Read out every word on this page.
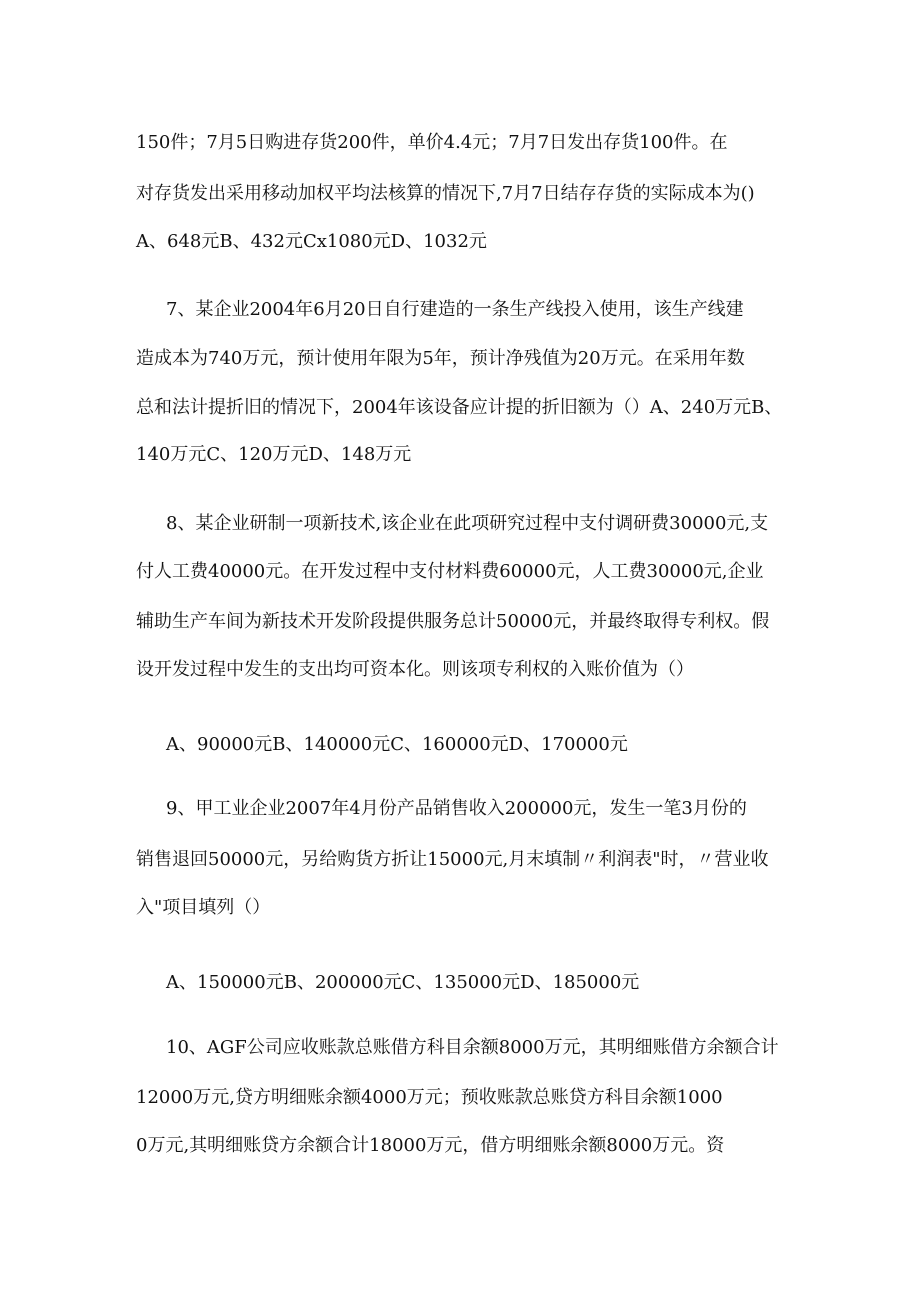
150件；7月5日购进存货200件，单价4.4元；7月7日发出存货100件。在
对存货发出采用移动加权平均法核算的情况下,7月7日结存存货的实际成本为()
A、648元B、432元Cx1080元D、1032元
7、某企业2004年6月20日自行建造的一条生产线投入使用，该生产线建
造成本为740万元，预计使用年限为5年，预计净残值为20万元。在采用年数
总和法计提折旧的情况下，2004年该设备应计提的折旧额为（）A、240万元B、
140万元C、120万元D、148万元
8、某企业研制一项新技术,该企业在此项研究过程中支付调研费30000元,支
付人工费40000元。在开发过程中支付材料费60000元，人工费30000元,企业
辅助生产车间为新技术开发阶段提供服务总计50000元，并最终取得专利权。假
设开发过程中发生的支出均可资本化。则该项专利权的入账价值为（）
A、90000元B、140000元C、160000元D、170000元
9、甲工业企业2007年4月份产品销售收入200000元，发生一笔3月份的
销售退回50000元，另给购货方折让15000元,月末填制〃利润表"时，〃营业收
入"项目填列（）
A、150000元B、200000元C、135000元D、185000元
10、AGF公司应收账款总账借方科目余额8000万元，其明细账借方余额合计
12000万元,贷方明细账余额4000万元；预收账款总账贷方科目余额1000
0万元,其明细账贷方余额合计18000万元，借方明细账余额8000万元。资
